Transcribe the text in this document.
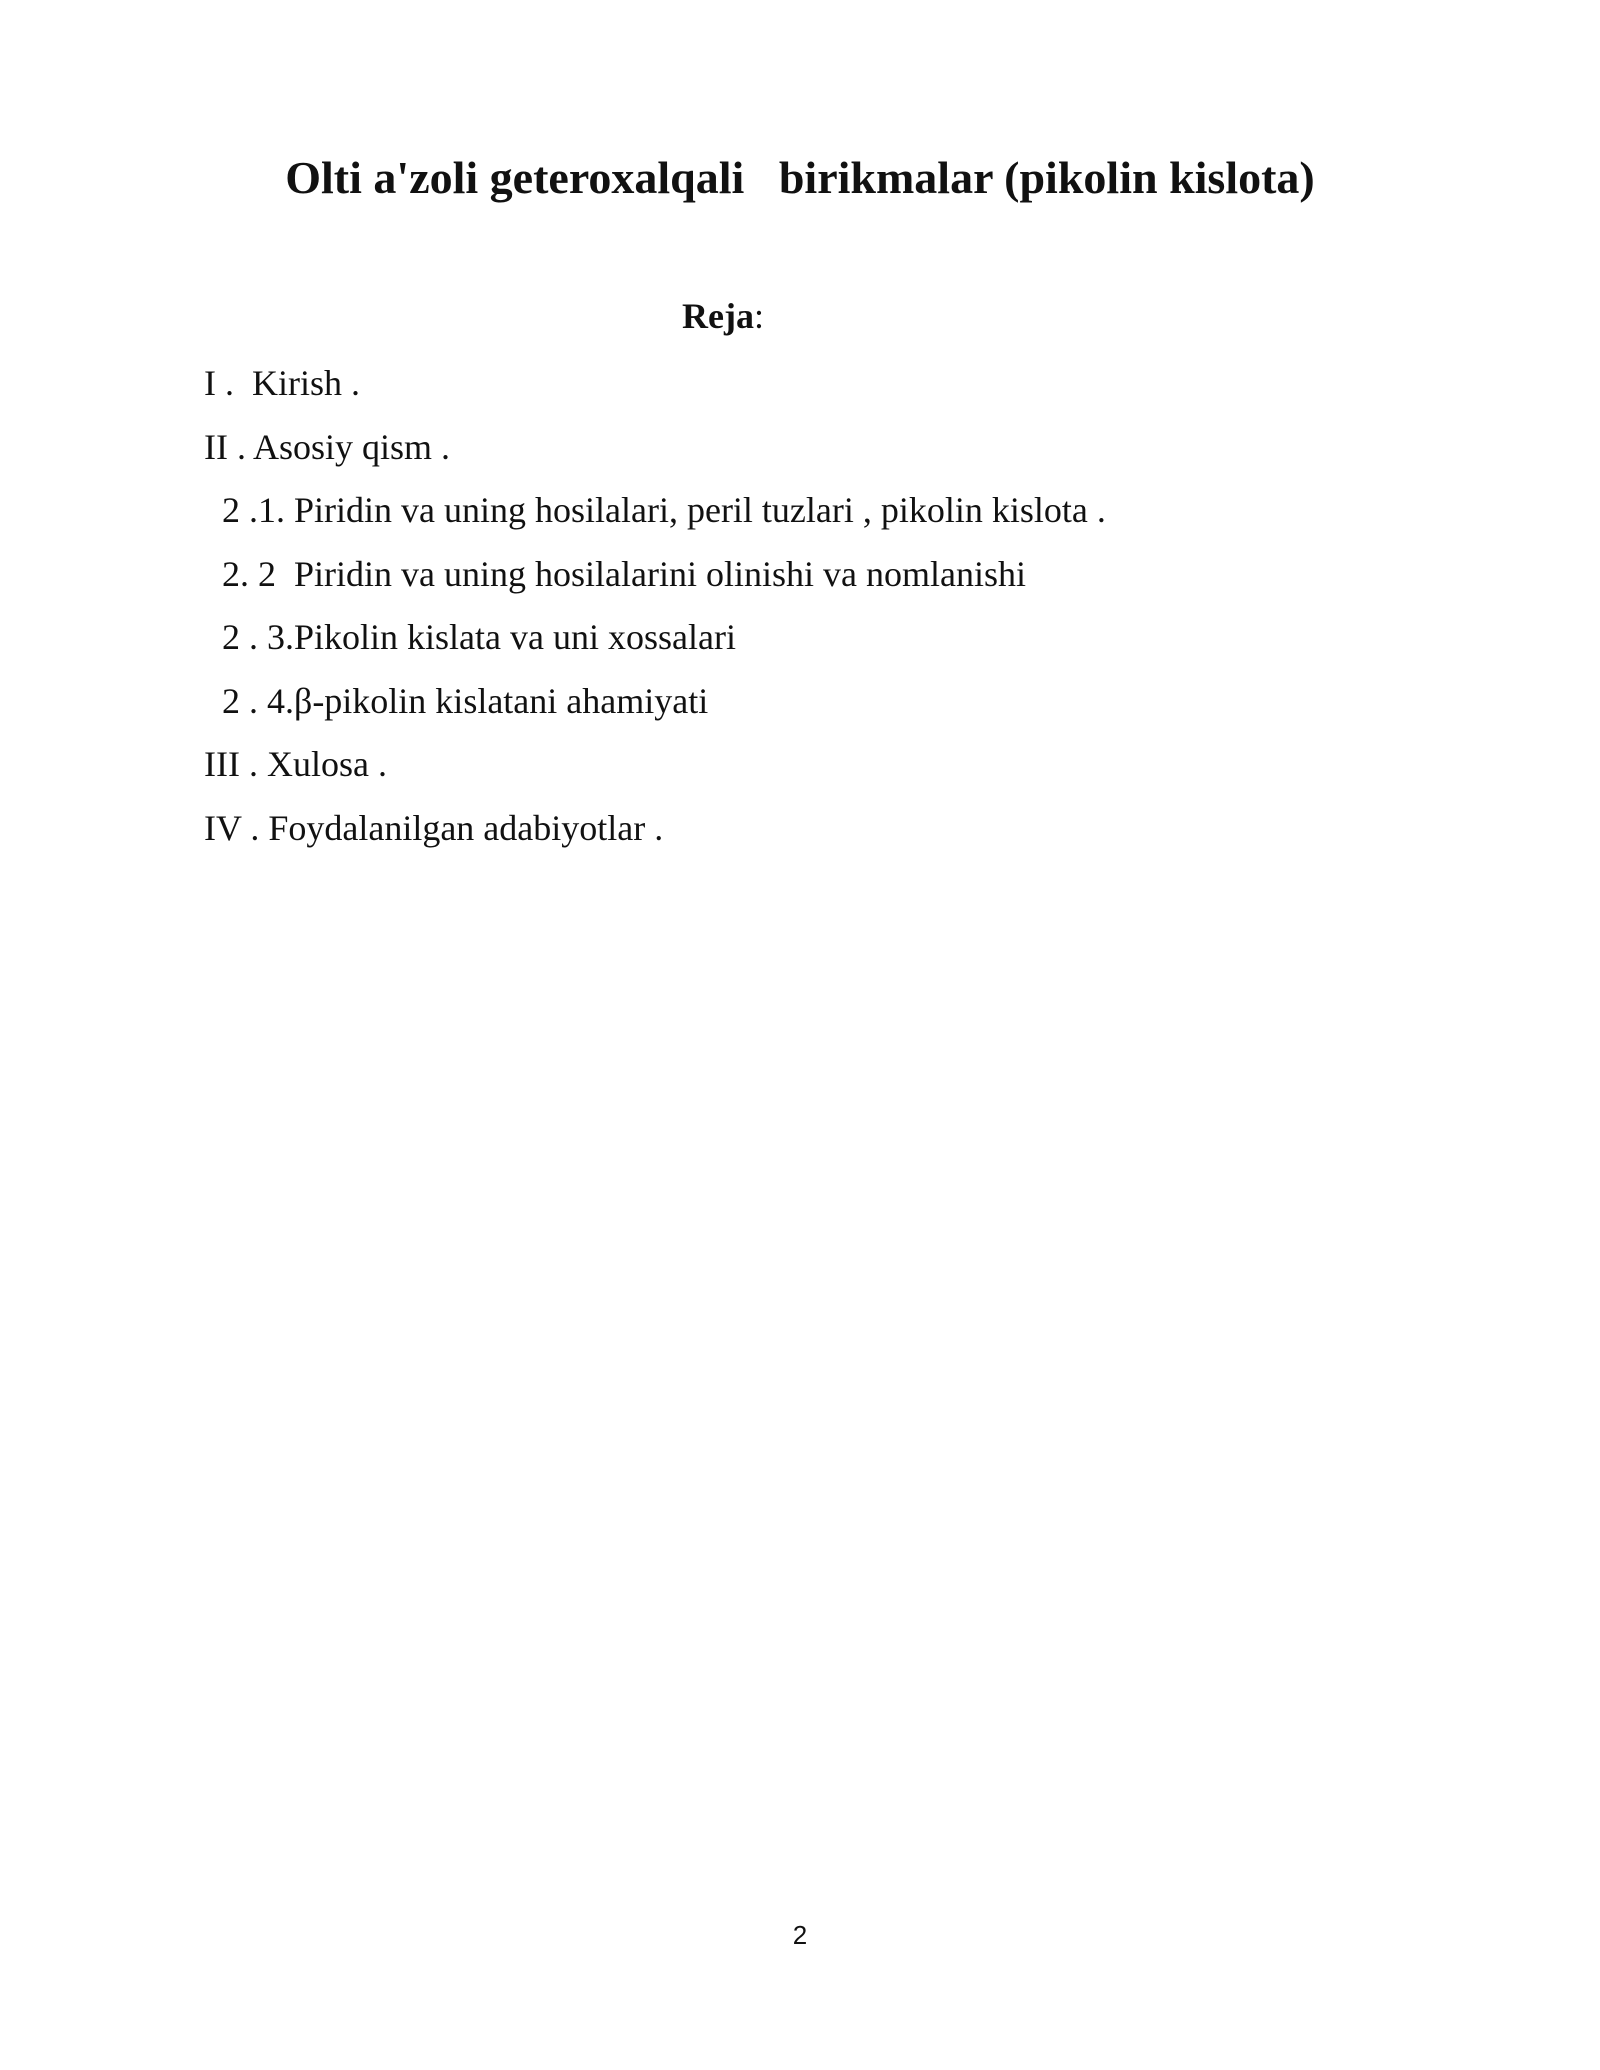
Olti a'zoli geteroxalqali   birikmalar (pikolin kislota)
Reja:
I .  Kirish .
II . Asosiy qism .
2 .1. Piridin va uning hosilalari, peril tuzlari , pikolin kislota .
2. 2  Piridin va uning hosilalarini olinishi va nomlanishi
2 . 3.Pikolin kislata va uni xossalari
2 . 4.β-pikolin kislatani ahamiyati
III . Xulosa .
IV . Foydalanilgan adabiyotlar .
2
